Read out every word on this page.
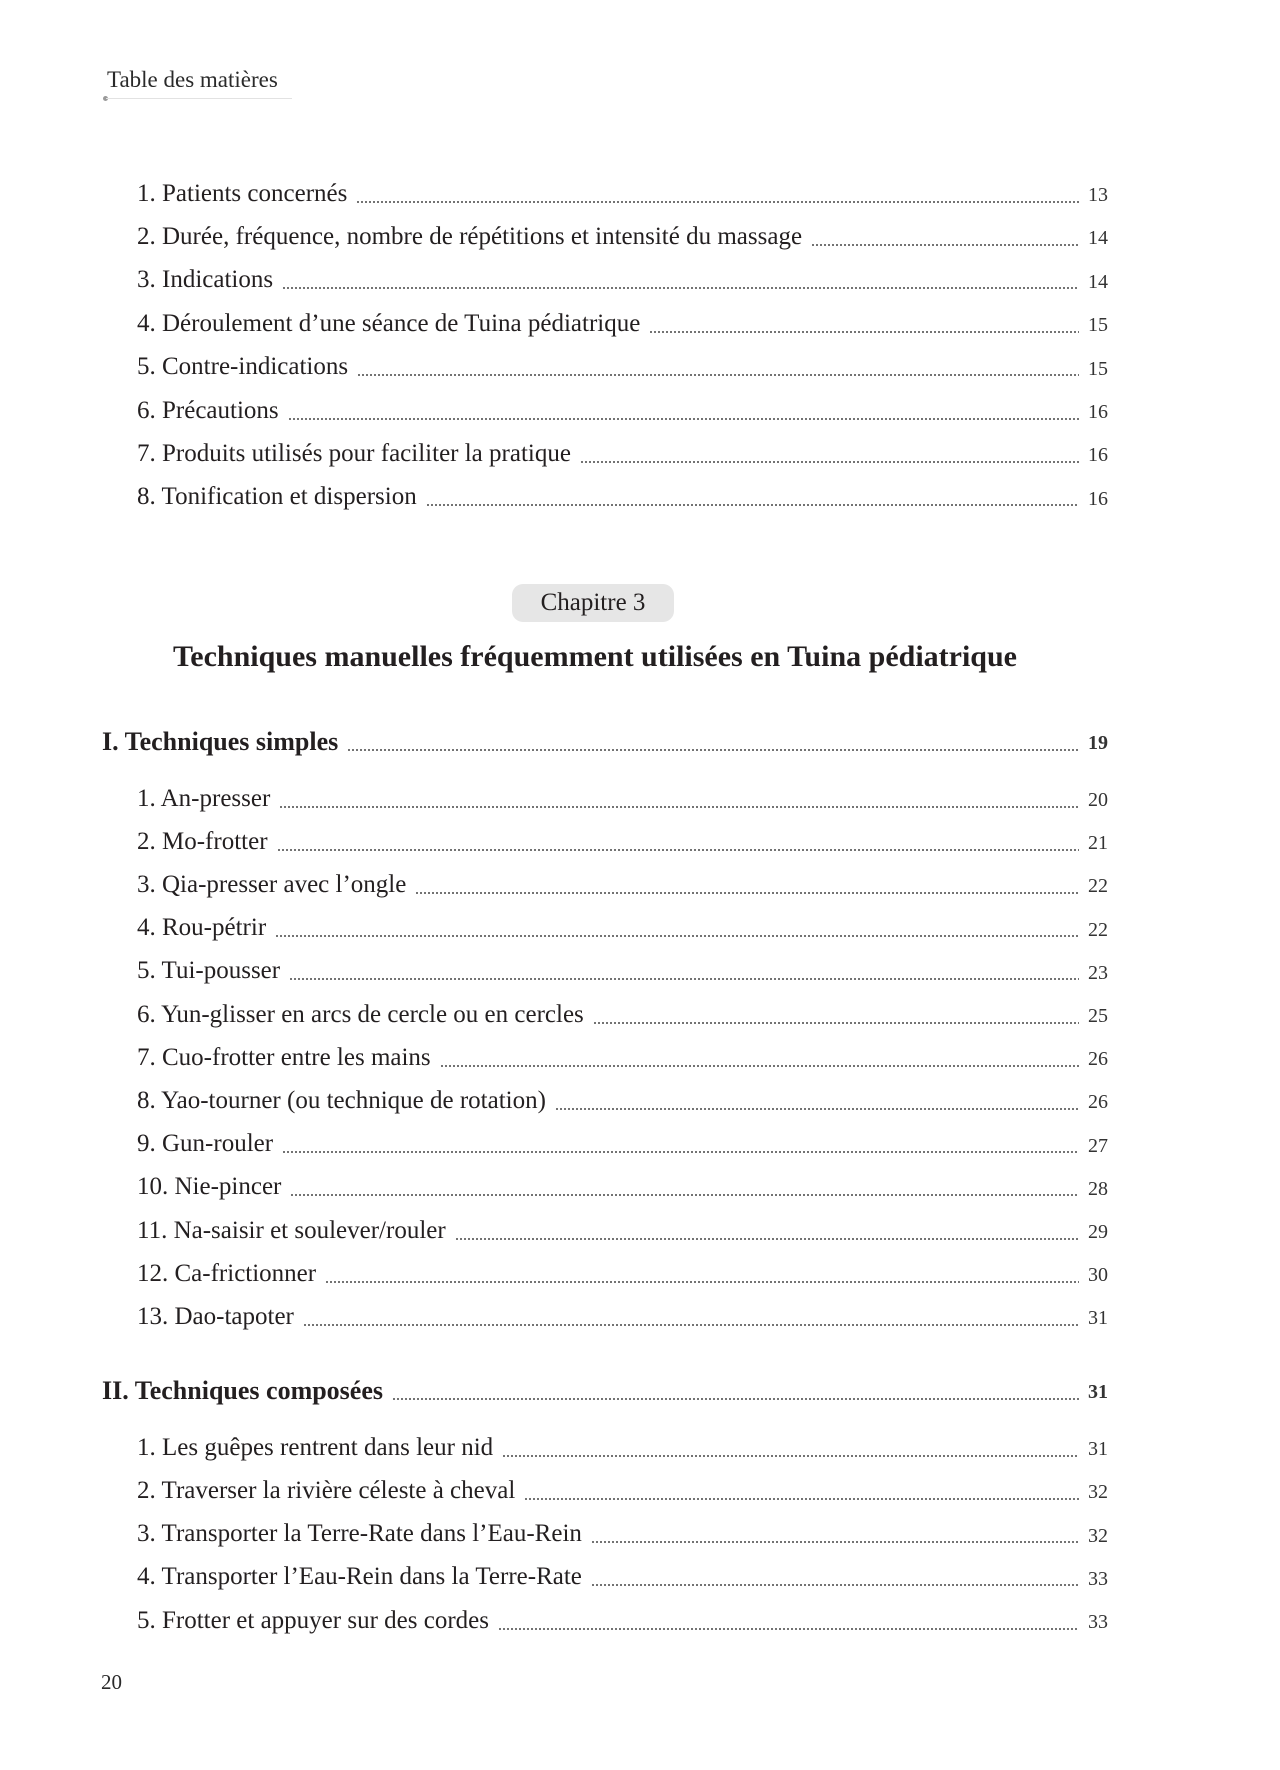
Table des matières
1. Patients concernés	13
2. Durée, fréquence, nombre de répétitions et intensité du massage	14
3. Indications	14
4. Déroulement d’une séance de Tuina pédiatrique	15
5. Contre-indications	15
6. Précautions	16
7. Produits utilisés pour faciliter la pratique	16
8. Tonification et dispersion	16
Chapitre 3
Techniques manuelles fréquemment utilisées en Tuina pédiatrique
I. Techniques simples	19
1. An-presser	20
2. Mo-frotter	21
3. Qia-presser avec l’ongle	22
4. Rou-pétrir	22
5. Tui-pousser	23
6. Yun-glisser en arcs de cercle ou en cercles	25
7. Cuo-frotter entre les mains	26
8. Yao-tourner (ou technique de rotation)	26
9. Gun-rouler	27
10. Nie-pincer	28
11. Na-saisir et soulever/rouler	29
12. Ca-frictionner	30
13. Dao-tapoter	31
II. Techniques composées	31
1. Les guêpes rentrent dans leur nid	31
2. Traverser la rivière céleste à cheval	32
3. Transporter la Terre-Rate dans l’Eau-Rein	32
4. Transporter l’Eau-Rein dans la Terre-Rate	33
5. Frotter et appuyer sur des cordes	33
20
